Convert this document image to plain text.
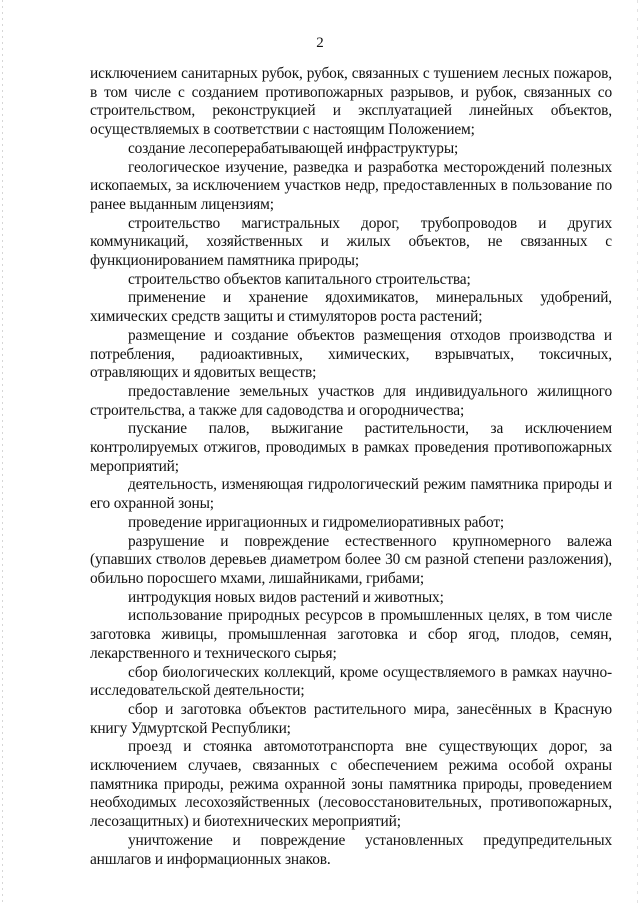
2

исключением санитарных рубок, рубок, связанных с тушением лесных пожаров, в том числе с созданием противопожарных разрывов, и рубок, связанных со строительством, реконструкцией и эксплуатацией линейных объектов, осуществляемых в соответствии с настоящим Положением;

создание лесоперерабатывающей инфраструктуры;

геологическое изучение, разведка и разработка месторождений полезных ископаемых, за исключением участков недр, предоставленных в пользование по ранее выданным лицензиям;

строительство магистральных дорог, трубопроводов и других коммуникаций, хозяйственных и жилых объектов, не связанных с функционированием памятника природы;

строительство объектов капитального строительства;

применение и хранение ядохимикатов, минеральных удобрений, химических средств защиты и стимуляторов роста растений;

размещение и создание объектов размещения отходов производства и потребления, радиоактивных, химических, взрывчатых, токсичных, отравляющих и ядовитых веществ;

предоставление земельных участков для индивидуального жилищного строительства, а также для садоводства и огородничества;

пускание палов, выжигание растительности, за исключением контролируемых отжигов, проводимых в рамках проведения противопожарных мероприятий;

деятельность, изменяющая гидрологический режим памятника природы и его охранной зоны;

проведение ирригационных и гидромелиоративных работ;

разрушение и повреждение естественного крупномерного валежа (упавших стволов деревьев диаметром более 30 см разной степени разложения), обильно поросшего мхами, лишайниками, грибами;

интродукция новых видов растений и животных;

использование природных ресурсов в промышленных целях, в том числе заготовка живицы, промышленная заготовка и сбор ягод, плодов, семян, лекарственного и технического сырья;

сбор биологических коллекций, кроме осуществляемого в рамках научно-исследовательской деятельности;

сбор и заготовка объектов растительного мира, занесённых в Красную книгу Удмуртской Республики;

проезд и стоянка автомототранспорта вне существующих дорог, за исключением случаев, связанных с обеспечением режима особой охраны памятника природы, режима охранной зоны памятника природы, проведением необходимых лесохозяйственных (лесовосстановительных, противопожарных, лесозащитных) и биотехнических мероприятий;

уничтожение и повреждение установленных предупредительных аншлагов и информационных знаков.
